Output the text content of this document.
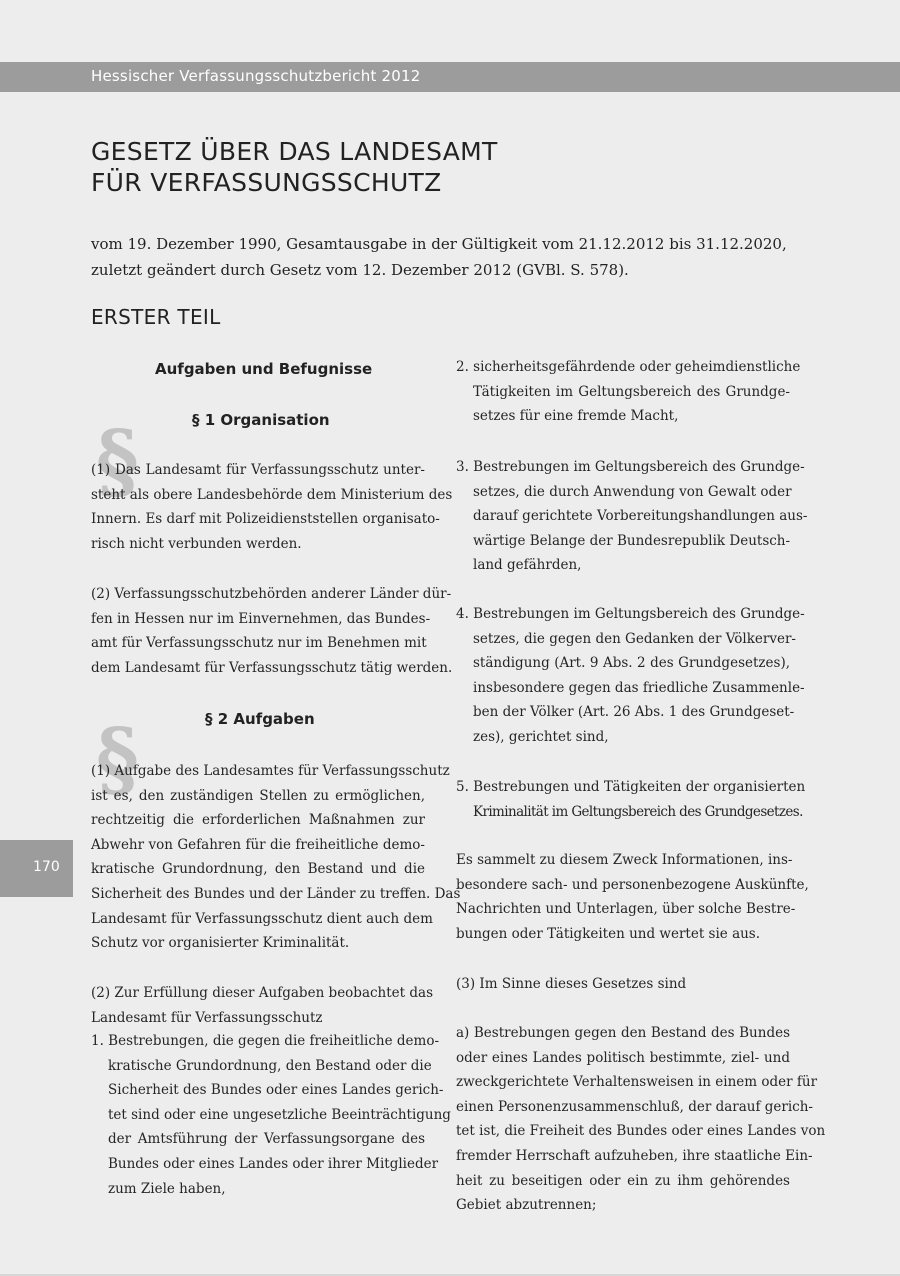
Hessischer Verfassungsschutzbericht 2012
GESETZ ÜBER DAS LANDESAMT
FÜR VERFASSUNGSSCHUTZ
vom 19. Dezember 1990, Gesamtausgabe in der Gültigkeit vom 21.12.2012 bis 31.12.2020,
zuletzt geändert durch Gesetz vom 12. Dezember 2012 (GVBl. S. 578).
ERSTER TEIL
§
§
Aufgaben und Befugnisse
§ 1 Organisation
(1) Das Landesamt für Verfassungsschutz unter-
steht als obere Landesbehörde dem Ministerium des
Innern. Es darf mit Polizeidienststellen organisato-
risch nicht verbunden werden.
(2) Verfassungsschutzbehörden anderer Länder dür-
fen in Hessen nur im Einvernehmen, das Bundes-
amt für Verfassungsschutz nur im Benehmen mit
dem Landesamt für Verfassungsschutz tätig werden.
§ 2 Aufgaben
(1) Aufgabe des Landesamtes für Verfassungsschutz
ist es, den zuständigen Stellen zu ermöglichen,
rechtzeitig die erforderlichen Maßnahmen zur
Abwehr von Gefahren für die freiheitliche demo-
kratische Grundordnung, den Bestand und die
Sicherheit des Bundes und der Länder zu treffen. Das
Landesamt für Verfassungsschutz dient auch dem
Schutz vor organisierter Kriminalität.
(2) Zur Erfüllung dieser Aufgaben beobachtet das
Landesamt für Verfassungsschutz
1. Bestrebungen, die gegen die freiheitliche demo-
kratische Grundordnung, den Bestand oder die
Sicherheit des Bundes oder eines Landes gerich-
tet sind oder eine ungesetzliche Beeinträchtigung
der Amtsführung der Verfassungsorgane des
Bundes oder eines Landes oder ihrer Mitglieder
zum Ziele haben,
2. sicherheitsgefährdende oder geheimdienstliche
Tätigkeiten im Geltungsbereich des Grundge-
setzes für eine fremde Macht,
3. Bestrebungen im Geltungsbereich des Grundge-
setzes, die durch Anwendung von Gewalt oder
darauf gerichtete Vorbereitungshandlungen aus-
wärtige Belange der Bundesrepublik Deutsch-
land gefährden,
4. Bestrebungen im Geltungsbereich des Grundge-
setzes, die gegen den Gedanken der Völkerver-
ständigung (Art. 9 Abs. 2 des Grundgesetzes),
insbesondere gegen das friedliche Zusammenle-
ben der Völker (Art. 26 Abs. 1 des Grundgeset-
zes), gerichtet sind,
5. Bestrebungen und Tätigkeiten der organisierten
Kriminalität im Geltungsbereich des Grundgesetzes.
Es sammelt zu diesem Zweck Informationen, ins-
besondere sach- und personenbezogene Auskünfte,
Nachrichten und Unterlagen, über solche Bestre-
bungen oder Tätigkeiten und wertet sie aus.
(3) Im Sinne dieses Gesetzes sind
a) Bestrebungen gegen den Bestand des Bundes
oder eines Landes politisch bestimmte, ziel- und
zweckgerichtete Verhaltensweisen in einem oder für
einen Personenzusammenschluß, der darauf gerich-
tet ist, die Freiheit des Bundes oder eines Landes von
fremder Herrschaft aufzuheben, ihre staatliche Ein-
heit zu beseitigen oder ein zu ihm gehörendes
Gebiet abzutrennen;
170
